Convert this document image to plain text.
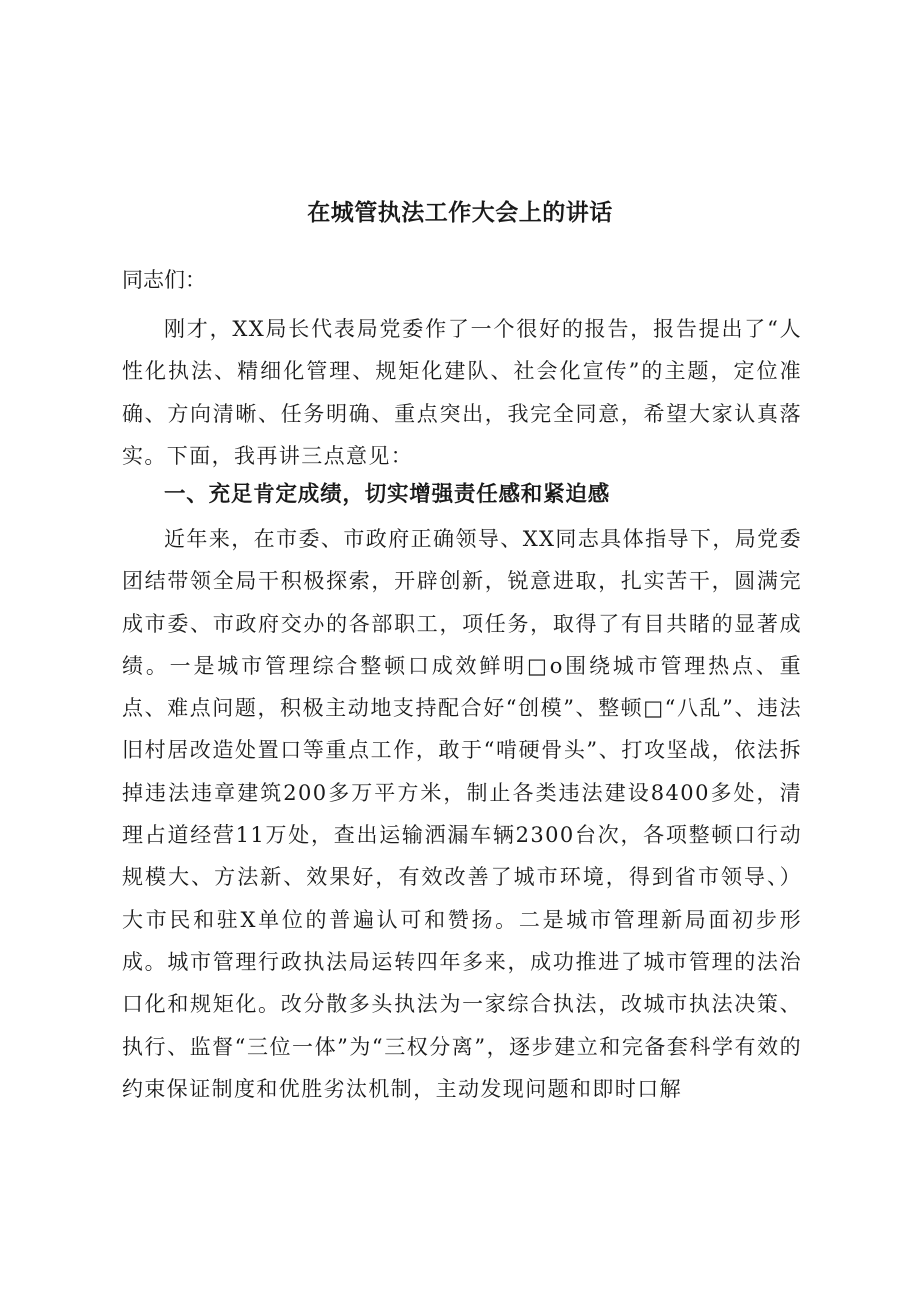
在城管执法工作大会上的讲话

同志们：

刚才，XX局长代表局党委作了一个很好的报告，报告提出了“人性化执法、精细化管理、规矩化建队、社会化宣传”的主题，定位准确、方向清晰、任务明确、重点突出，我完全同意，希望大家认真落实。下面，我再讲三点意见：

一、充足肯定成绩，切实增强责任感和紧迫感

近年来，在市委、市政府正确领导、XX同志具体指导下，局党委团结带领全局干积极探索，开辟创新，锐意进取，扎实苦干，圆满完成市委、市政府交办的各部职工，项任务，取得了有目共睹的显著成绩。一是城市管理综合整顿口成效鲜明□o围绕城市管理热点、重点、难点问题，积极主动地支持配合好“创模”、整顿□“八乱”、违法旧村居改造处置口等重点工作，敢于“啃硬骨头”、打攻坚战，依法拆掉违法违章建筑200多万平方米，制止各类违法建设8400多处，清理占道经营11万处，查出运输洒漏车辆2300台次，各项整顿口行动规模大、方法新、效果好，有效改善了城市环境，得到省市领导、）大市民和驻X单位的普遍认可和赞扬。二是城市管理新局面初步形成。城市管理行政执法局运转四年多来，成功推进了城市管理的法治口化和规矩化。改分散多头执法为一家综合执法，改城市执法决策、执行、监督“三位一体”为“三权分离”，逐步建立和完备套科学有效的约束保证制度和优胜劣汰机制，主动发现问题和即时口解
